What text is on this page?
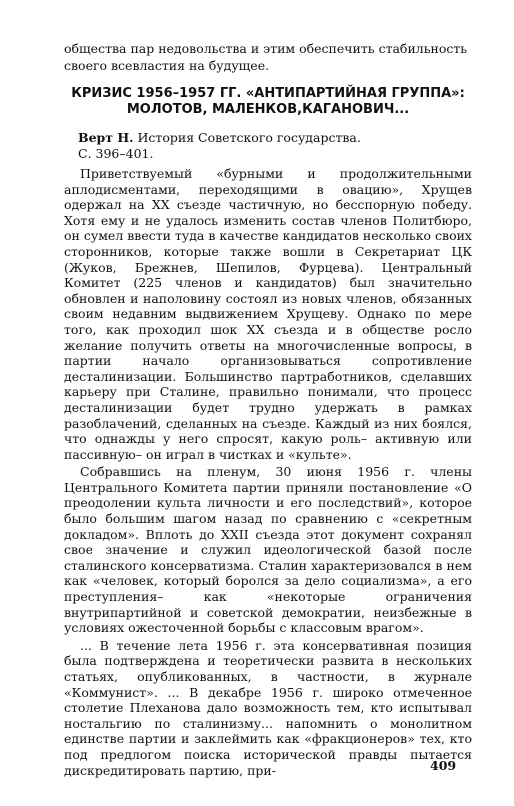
общества пар недовольства и этим обеспечить стабильность своего всевластия на будущее.
КРИЗИС 1956–1957 ГГ. «АНТИПАРТИЙНАЯ ГРУППА»:
МОЛОТОВ, МАЛЕНКОВ,КАГАНОВИЧ...
Верт Н. История Советского государства.
С. 396–401.

Приветствуемый «бурными и продолжительными аплодисментами, переходящими в овацию», Хрущев одержал на XX съезде частичную, но бесспорную победу. Хотя ему и не удалось изменить состав членов Политбюро, он сумел ввести туда в качестве кандидатов несколько своих сторонников, которые также вошли в Секретариат ЦК (Жуков, Брежнев, Шепилов, Фурцева). Центральный Комитет (225 членов и кандидатов) был значительно обновлен и наполовину состоял из новых членов, обязанных своим недавним выдвижением Хрущеву. Однако по мере того, как проходил шок XX съезда и в обществе росло желание получить ответы на многочисленные вопросы, в партии начало организовываться сопротивление десталинизации. Большинство партработников, сделавших карьеру при Сталине, правильно понимали, что процесс десталинизации будет трудно удержать в рамках разоблачений, сделанных на съезде. Каждый из них боялся, что однажды у него спросят, какую роль– активную или пассивную– он играл в чистках и «культе».

Собравшись на пленум, 30 июня 1956 г. члены Центрального Комитета партии приняли постановление «О преодолении культа личности и его последствий», которое было большим шагом назад по сравнению с «секретным докладом». Вплоть до XXII съезда этот документ сохранял свое значение и служил идеологической базой после сталинского консерватизма. Сталин характеризовался в нем как «человек, который боролся за дело социализма», а его преступления– как «некоторые ограничения внутрипартийной и советской демократии, неизбежные в условиях ожесточенной борьбы с классовым врагом».

... В течение лета 1956 г. эта консервативная позиция была подтверждена и теоретически развита в нескольких статьях, опубликованных, в частности, в журнале «Коммунист». ... В декабре 1956 г. широко отмеченное столетие Плеханова дало возможность тем, кто испытывал ностальгию по сталинизму... напомнить о монолитном единстве партии и заклеймить как «фракционеров» тех, кто под предлогом поиска исторической правды пытается дискредитировать партию, при-	409
